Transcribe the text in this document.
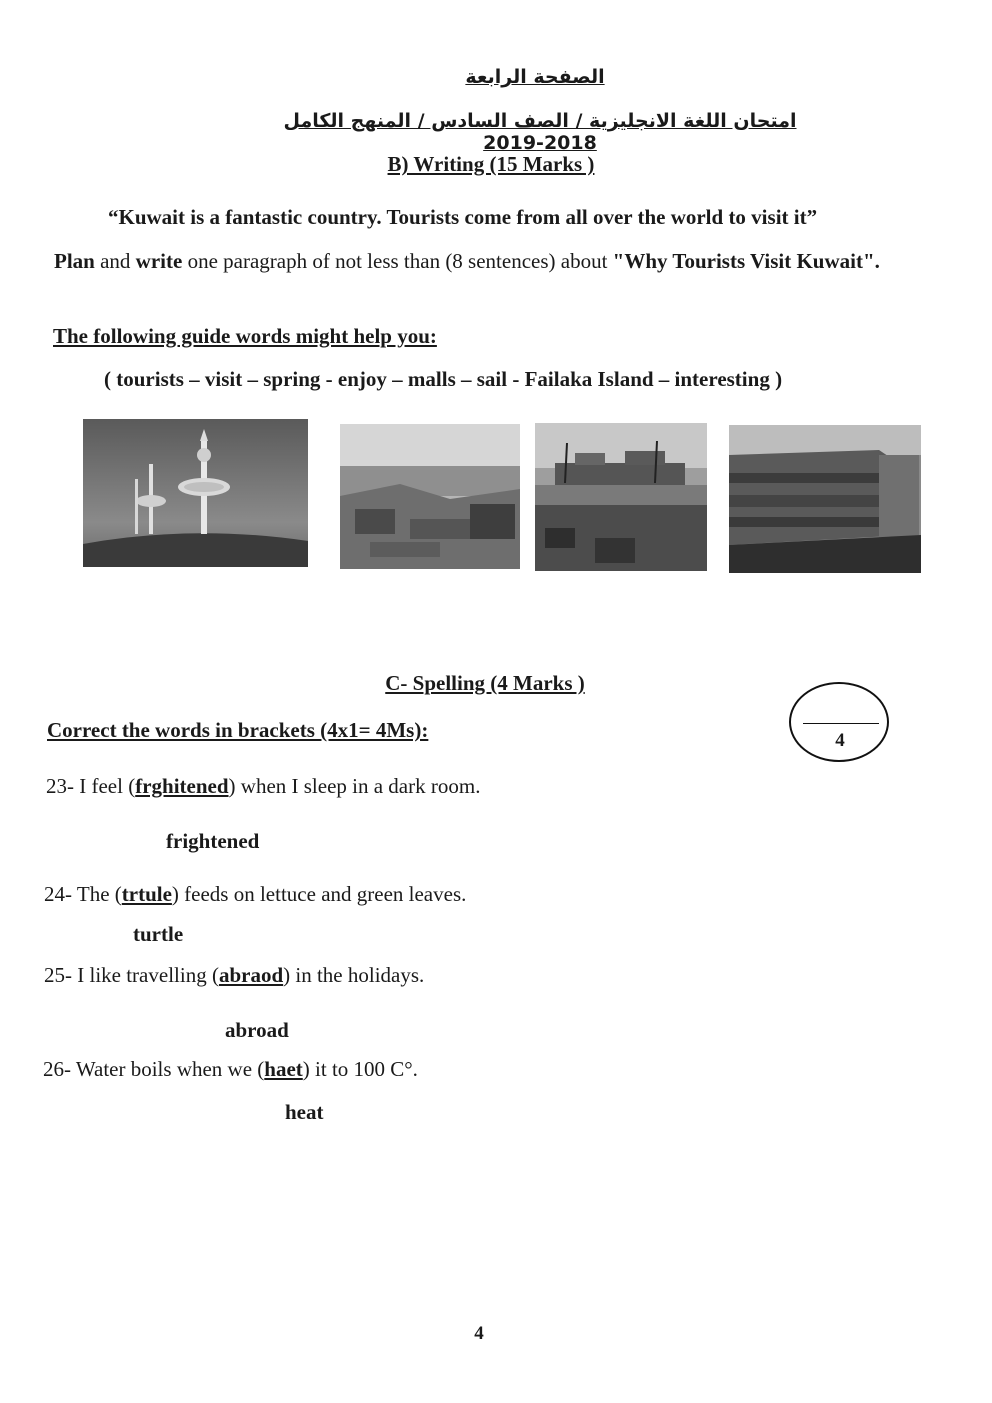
الصفحة الرابعة
امتحان اللغة الانجليزية / الصف السادس / المنهج الكامل 2018-2019
B) Writing (15 Marks )
“Kuwait is a fantastic country. Tourists come from all over the world to visit it”
Plan and write one paragraph of not less than (8 sentences) about "Why Tourists Visit Kuwait".
The following guide words might help you:
( tourists – visit – spring - enjoy – malls – sail - Failaka Island – interesting )
C- Spelling (4 Marks )
Correct the words in brackets (4x1= 4Ms):	4
23- I feel (frghitened) when I sleep in a dark room.
frightened
24- The (trtule) feeds on lettuce and green leaves.
turtle
25- I like travelling (abraod) in the holidays.
abroad
26- Water boils when we (haet) it to 100 C°.
heat
4
